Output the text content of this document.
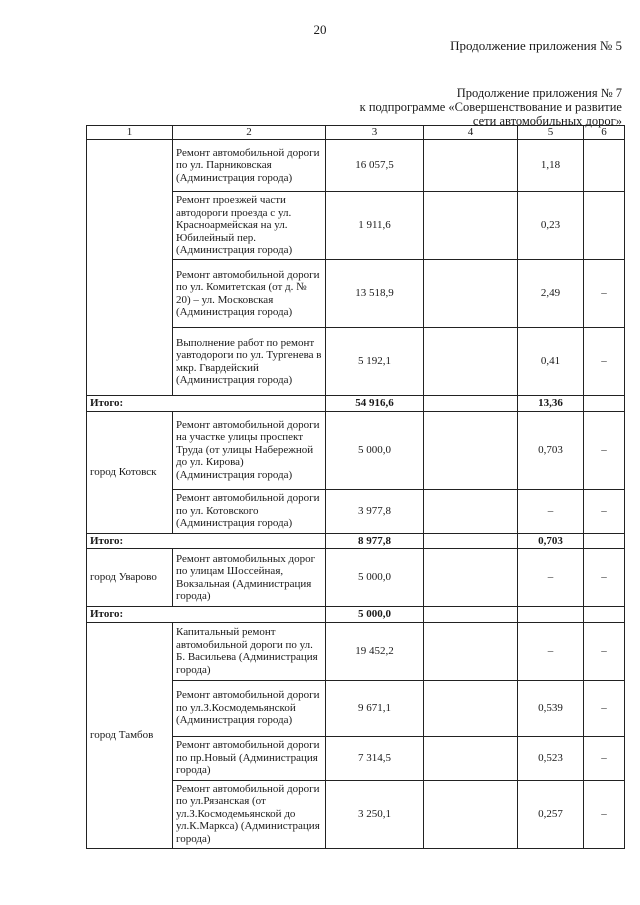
20
Продолжение приложения № 5
Продолжение приложения № 7
к подпрограмме «Совершенствование и развитие
сети автомобильных дорог»
1	2	3	4	5	6
	Ремонт автомобильной дороги по ул. Парниковская (Администрация города)	16 057,5		1,18	
	Ремонт проезжей части автодороги проезда с ул. Красноармейская на ул. Юбилейный пер. (Администрация города)	1 911,6		0,23	
	Ремонт автомобильной дороги по ул. Комитетская (от д. № 20) – ул. Московская (Администрация города)	13 518,9		2,49	–
	Выполнение работ по ремонт уавтодороги по ул. Тургенева в мкр. Гвардейский (Администрация города)	5 192,1		0,41	–
Итого:		54 916,6		13,36	
город Котовск	Ремонт автомобильной дороги на участке улицы проспект Труда (от улицы Набережной до ул. Кирова) (Администрация города)	5 000,0		0,703	–
	Ремонт автомобильной дороги по ул. Котовского (Администрация города)	3 977,8		–	–
Итого:		8 977,8		0,703	
город Уварово	Ремонт автомобильных дорог по улицам Шоссейная, Вокзальная (Администрация города)	5 000,0		–	–
Итого:		5 000,0			
город Тамбов	Капитальный ремонт автомобильной дороги по ул. Б. Васильева (Администрация города)	19 452,2		–	–
	Ремонт автомобильной дороги по ул.З.Космодемьянской (Администрация города)	9 671,1		0,539	–
	Ремонт автомобильной дороги по пр.Новый (Администрация города)	7 314,5		0,523	–
	Ремонт автомобильной дороги по ул.Рязанская (от ул.З.Космодемьянской до ул.К.Маркса) (Администрация города)	3 250,1		0,257	–
